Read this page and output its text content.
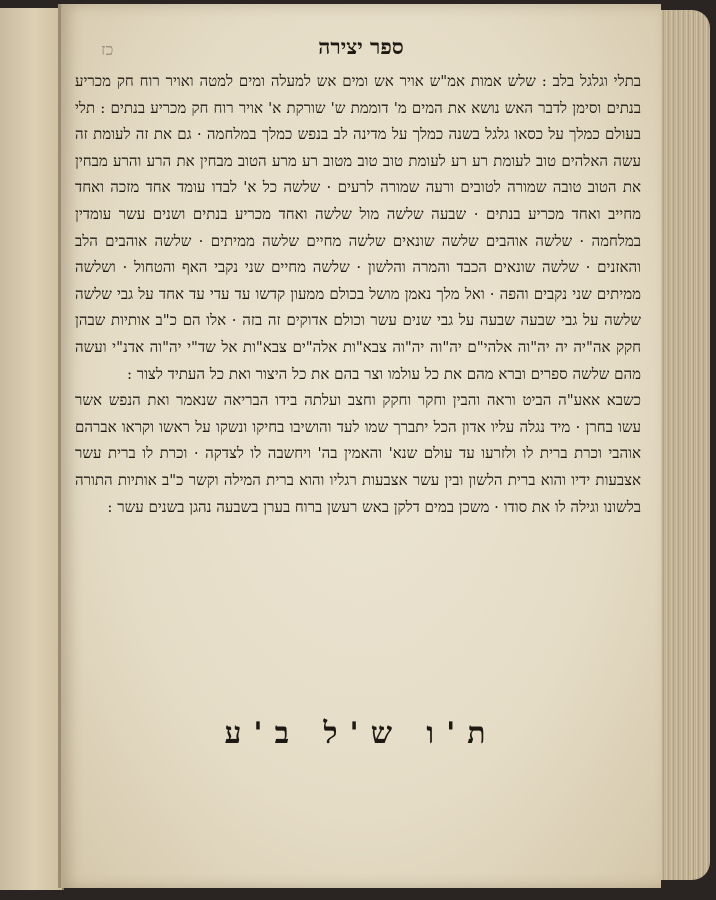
כז	ספר יצירה

בתלי וגלגל בלב : שלש אמות אמ"ש אויר אש ומים אש למעלה ומים למטה ואויר רוח חק מכריע בנתים וסימן לדבר האש נושא את המים מ' דוממת ש' שורקת א' אויר רוח חק מכריע בנתים : תלי בעולם כמלך על כסאו גלגל בשנה כמלך על מדינה לב בנפש כמלך במלחמה · גם את זה לעומת זה עשה האלהים טוב לעומת רע רע לעומת טוב טוב מטוב רע מרע הטוב מבחין את הרע והרע מבחין את הטוב טובה שמורה לטובים ורעה שמורה לרעים · שלשה כל א' לבדו עומד אחד מזכה ואחד מחייב ואחד מכריע בנתים · שבעה שלשה מול שלשה ואחד מכריע בנתים ושנים עשר עומדין במלחמה · שלשה אוהבים שלשה שונאים שלשה מחיים שלשה ממיתים · שלשה אוהבים הלב והאזנים · שלשה שונאים הכבד והמרה והלשון · שלשה מחיים שני נקבי האף והטחול · ושלשה ממיתים שני נקבים והפה · ואל מלך נאמן מושל בכולם ממעון קדשו עד עדי עד אחד על גבי שלשה שלשה על גבי שבעה שבעה על גבי שנים עשר וכולם אדוקים זה בזה · אלו הם כ"ב אותיות שבהן חקק אה"יה יה יה"וה אלהי"ם יה"וה יה"וה צבא"ות אלה"ים צבא"ות אל שד"י יה"וה אדנ"י ועשה מהם שלשה ספרים וברא מהם את כל עולמו וצר בהם את כל היצור ואת כל העתיד לצור :

כשבא אאע"ה הביט וראה והבין וחקר וחקק וחצב ועלתה בידו הבריאה שנאמר ואת הנפש אשר עשו בחרן · מיד נגלה עליו אדון הכל יתברך שמו לעד והושיבו בחיקו ונשקו על ראשו וקראו אברהם אוהבי וכרת ברית לו ולזרעו עד עולם שנא' והאמין בה' ויחשבה לו לצדקה · וכרת לו ברית עשר אצבעות ידיו והוא ברית הלשון ובין עשר אצבעות רגליו והוא ברית המילה וקשר כ"ב אותיות התורה בלשונו וגילה לו את סודו · משכן במים דלקן באש רעשן ברוח בערן בשבעה נהגן בשנים עשר :

ת'ו ש'ל ב'ע
